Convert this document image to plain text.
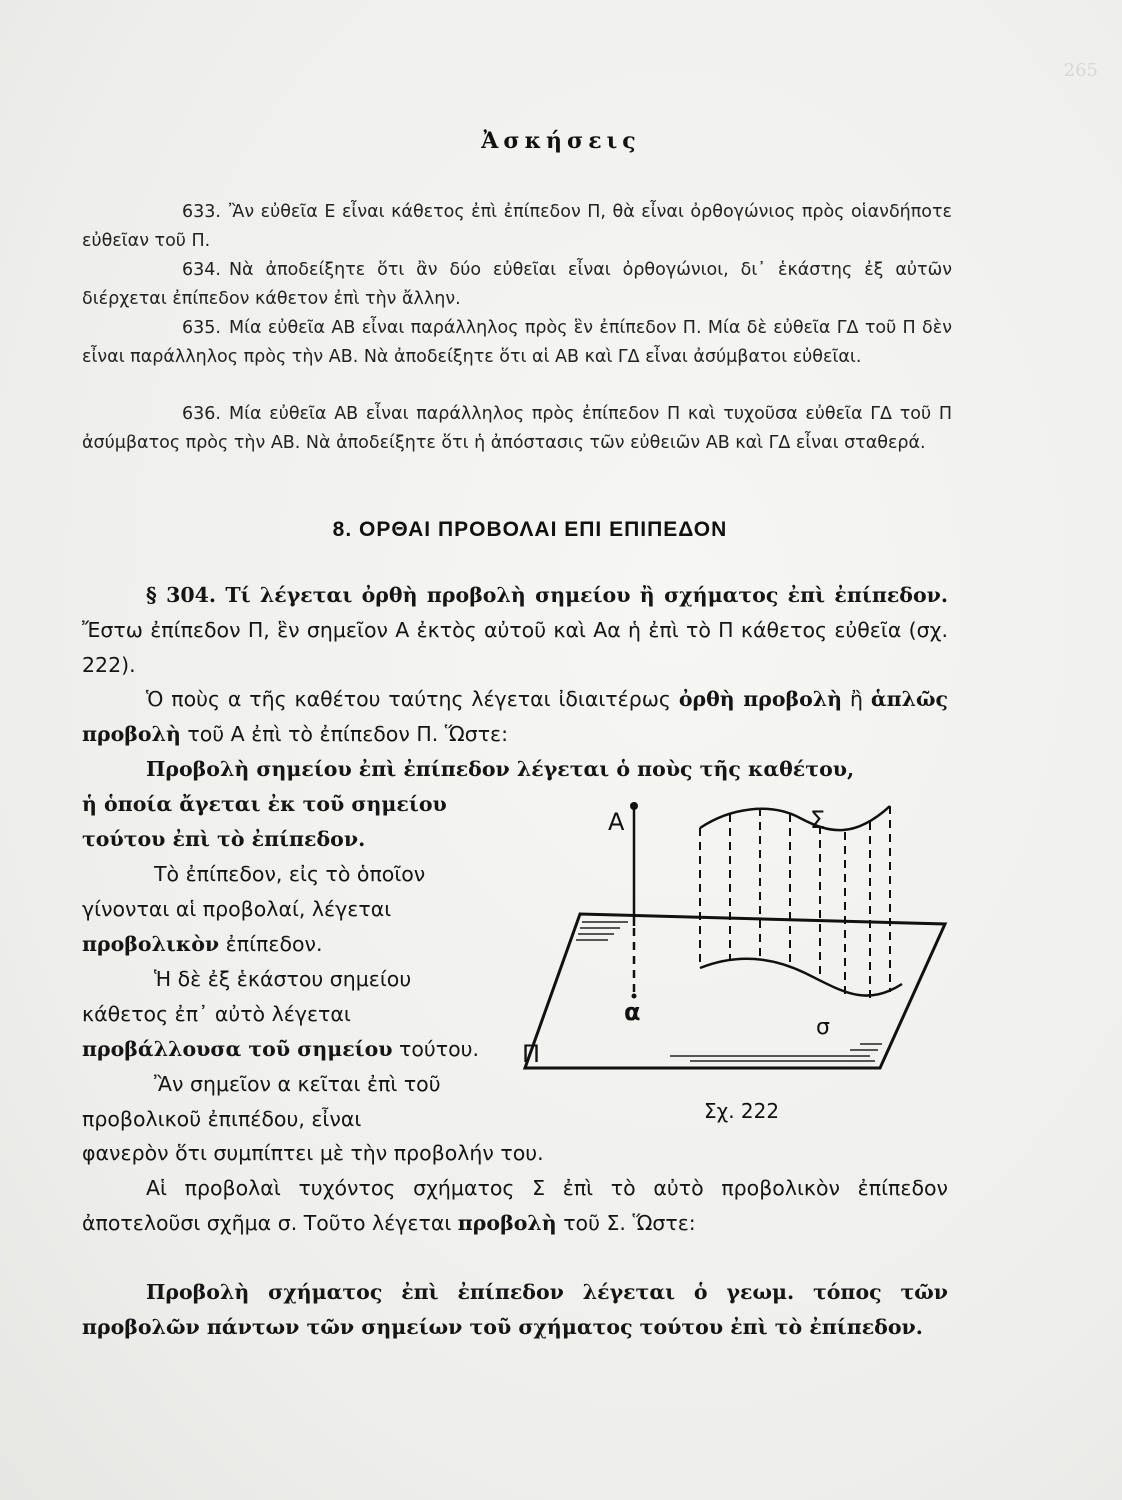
265
Ἀσκήσεις
633. Ἂν εὐθεῖα Ε εἶναι κάθετος ἐπὶ ἐπίπεδον Π, θὰ εἶναι ὀρθογώνιος πρὸς οἱανδήποτε εὐθεῖαν τοῦ Π.
634. Νὰ ἀποδείξητε ὅτι ἂν δύο εὐθεῖαι εἶναι ὀρθογώνιοι, δι᾿ ἑκάστης ἐξ αὐτῶν διέρχεται ἐπίπεδον κάθετον ἐπὶ τὴν ἄλλην.
635. Μία εὐθεῖα ΑΒ εἶναι παράλληλος πρὸς ἓν ἐπίπεδον Π. Μία δὲ εὐθεῖα ΓΔ τοῦ Π δὲν εἶναι παράλληλος πρὸς τὴν ΑΒ. Νὰ ἀποδείξητε ὅτι αἱ ΑΒ καὶ ΓΔ εἶναι ἀσύμβατοι εὐθεῖαι.
636. Μία εὐθεῖα ΑΒ εἶναι παράλληλος πρὸς ἐπίπεδον Π καὶ τυχοῦσα εὐθεῖα ΓΔ τοῦ Π ἀσύμβατος πρὸς τὴν ΑΒ. Νὰ ἀποδείξητε ὅτι ἡ ἀπόστασις τῶν εὐθειῶν ΑΒ καὶ ΓΔ εἶναι σταθερά.
8. ΟΡΘΑΙ ΠΡΟΒΟΛΑΙ ΕΠΙ ΕΠΙΠΕΔΟΝ
§ 304. Τί λέγεται ὀρθὴ προβολὴ σημείου ἢ σχήματος ἐπὶ ἐπίπεδον. Ἔστω ἐπίπεδον Π, ἓν σημεῖον Α ἐκτὸς αὐτοῦ καὶ Αα ἡ ἐπὶ τὸ Π κάθετος εὐθεῖα (σχ. 222).
Ὁ ποὺς α τῆς καθέτου ταύτης λέγεται ἰδιαιτέρως ὀρθὴ προβολὴ ἢ ἁπλῶς προβολὴ τοῦ Α ἐπὶ τὸ ἐπίπεδον Π. Ὥστε:
Προβολὴ σημείου ἐπὶ ἐπίπεδον λέγεται ὁ ποὺς τῆς καθέτου,

ἡ ὁποία ἄγεται ἐκ τοῦ σημείου τούτου ἐπὶ τὸ ἐπίπεδον.

Τὸ ἐπίπεδον, εἰς τὸ ὁποῖον γίνονται αἱ προβολαί, λέγεται προβολικὸν ἐπίπεδον.

Ἡ δὲ ἐξ ἑκάστου σημείου κάθετος ἐπ᾿ αὐτὸ λέγεται προβάλλουσα τοῦ σημείου τούτου.

Ἂν σημεῖον α κεῖται ἐπὶ τοῦ προβολικοῦ ἐπιπέδου, εἶναι

φανερὸν ὅτι συμπίπτει μὲ τὴν προβολήν του.
Αἱ προβολαὶ τυχόντος σχήματος Σ ἐπὶ τὸ αὐτὸ προβολικὸν ἐπίπεδον ἀποτελοῦσι σχῆμα σ. Τοῦτο λέγεται προβολὴ τοῦ Σ. Ὥστε:
Προβολὴ σχήματος ἐπὶ ἐπίπεδον λέγεται ὁ γεωμ. τόπος τῶν προβολῶν πάντων τῶν σημείων τοῦ σχήματος τούτου ἐπὶ τὸ ἐπίπεδον.
Α	Σ
α
σ
Π
Σχ. 222
